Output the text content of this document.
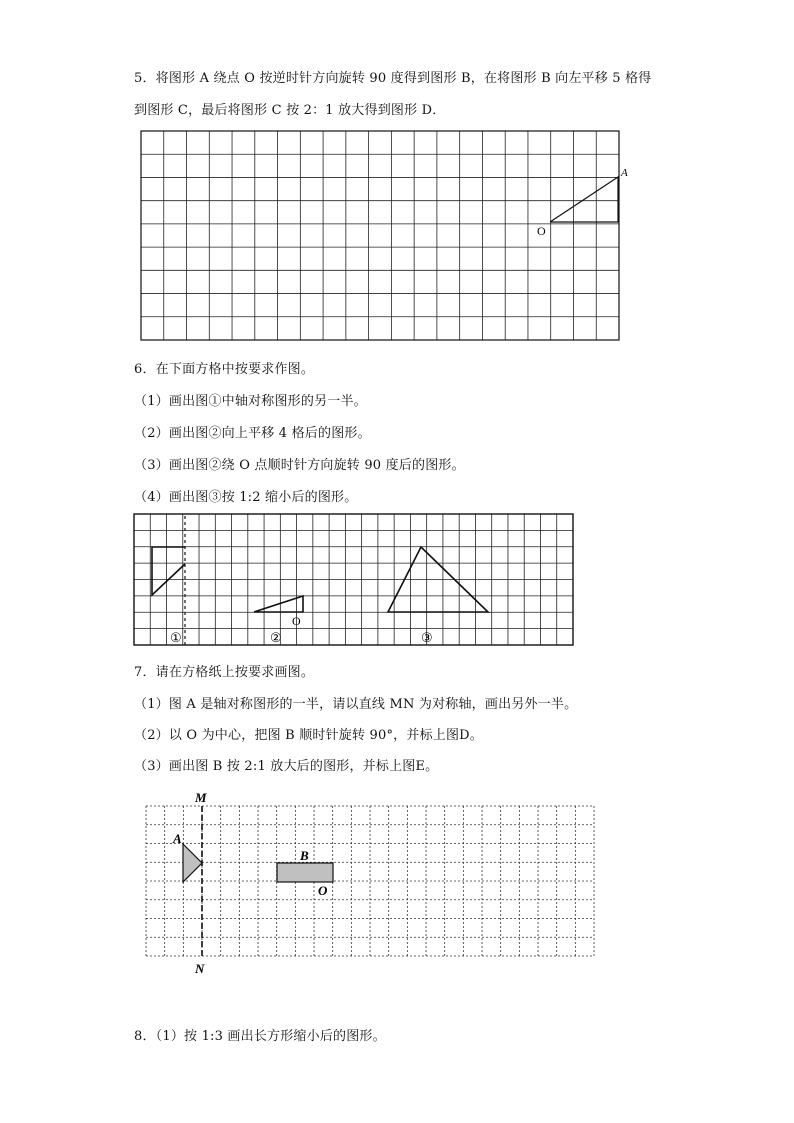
5．将图形 A 绕点 O 按逆时针方向旋转 90 度得到图形 B，在将图形 B 向左平移 5 格得
到图形 C，最后将图形 C 按 2：1 放大得到图形 D．
A
O
6．在下面方格中按要求作图。
（1）画出图①中轴对称图形的另一半。
（2）画出图②向上平移 4 格后的图形。
（3）画出图②绕 O 点顺时针方向旋转 90 度后的图形。
（4）画出图③按 1:2 缩小后的图形。
O
①	②	③
7．请在方格纸上按要求画图。
（1）图 A 是轴对称图形的一半，请以直线 MN 为对称轴，画出另外一半。
（2）以 O 为中心，把图 B 顺时针旋转 90°，并标上图D。
（3）画出图 B 按 2:1 放大后的图形，并标上图E。
M
N
A
B
O
8．（1）按 1:3 画出长方形缩小后的图形。
